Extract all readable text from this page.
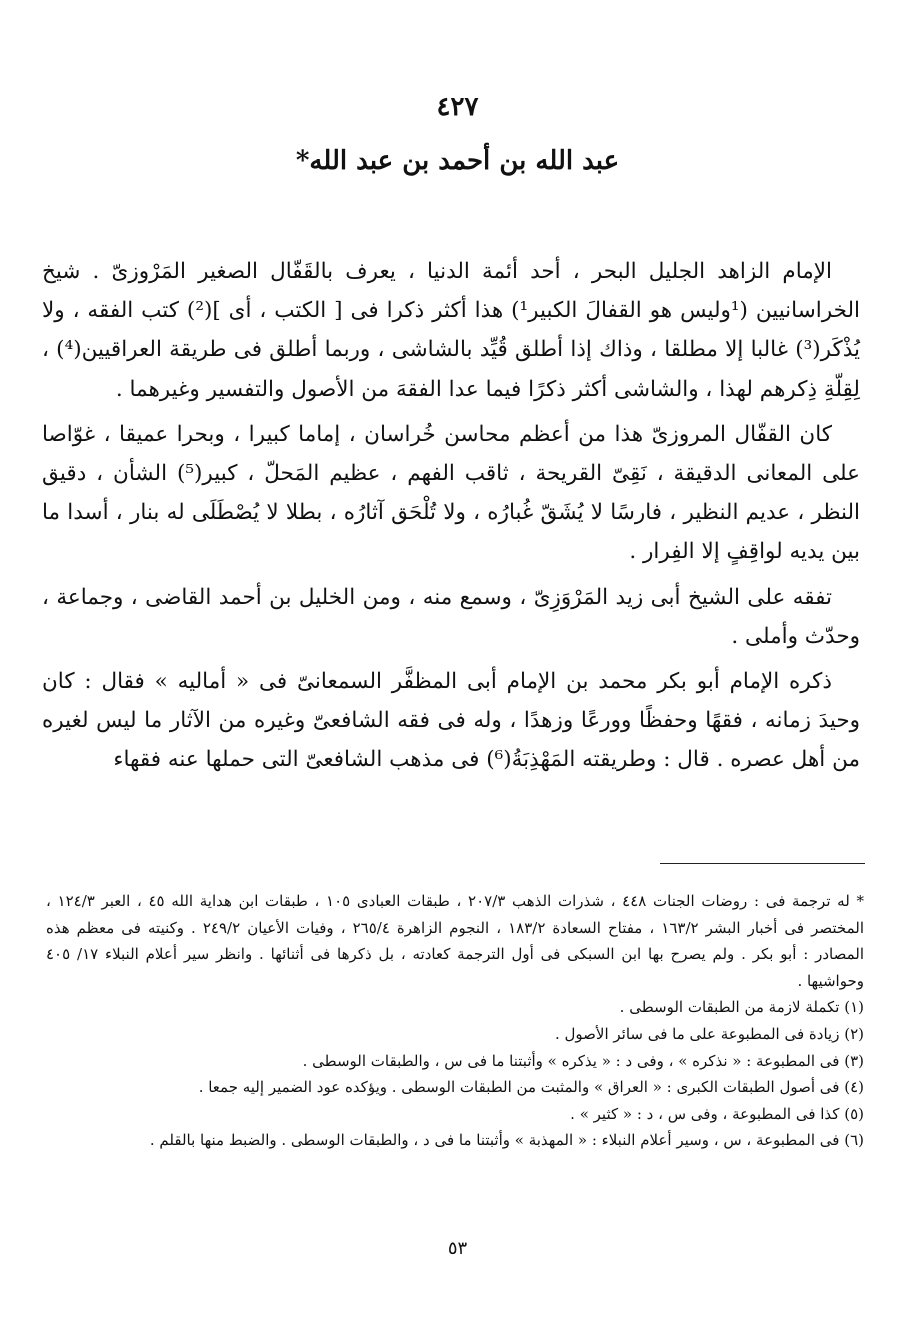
٤٢٧
عبد الله بن أحمد بن عبد الله*

الإمام الزاهد الجليل البحر ، أحد أئمة الدنيا ، يعرف بالقَفّال الصغير المَرْوزىّ . شيخ الخراسانيين (¹وليس هو القفالَ الكبير¹) هذا أكثر ذكرا فى [ الكتب ، أى ](²) كتب الفقه ، ولا يُذْكَر(³) غالبا إلا مطلقا ، وذاك إذا أطلق قُيِّد بالشاشى ، وربما أطلق فى طريقة العراقيين(⁴) ، لِقِلّةِ ذِكرهم لهذا ، والشاشى أكثر ذكرًا فيما عدا الفقهَ من الأصول والتفسير وغيرهما .

كان القفّال المروزىّ هذا من أعظم محاسن خُراسان ، إماما كبيرا ، وبحرا عميقا ، غوّاصا على المعانى الدقيقة ، نَقِىّ القريحة ، ثاقب الفهم ، عظيم المَحلّ ، كبير(⁵) الشأن ، دقيق النظر ، عديم النظير ، فارسًا لا يُشَقّ غُبارُه ، ولا تُلْحَق آثارُه ، بطلا لا يُصْطَلَى له بنار ، أسدا ما بين يديه لواقِفٍ إلا الفِرار .

تفقه على الشيخ أبى زيد المَرْوَزِىّ ، وسمع منه ، ومن الخليل بن أحمد القاضى ، وجماعة ، وحدّث وأملى .

ذكره الإمام أبو بكر محمد بن الإمام أبى المظفَّر السمعانىّ فى « أماليه » فقال : كان وحيدَ زمانه ، فقهًا وحفظًا وورعًا وزهدًا ، وله فى فقه الشافعىّ وغيره من الآثار ما ليس لغيره من أهل عصره . قال : وطريقته المَهْذِبَةُ(⁶) فى مذهب الشافعىّ التى حملها عنه فقهاء

* له ترجمة فى : روضات الجنات ٤٤٨ ، شذرات الذهب ٢٠٧/٣ ، طبقات العبادى ١٠٥ ، طبقات ابن هداية الله ٤٥ ، العبر ١٢٤/٣ ، المختصر فى أخبار البشر ١٦٣/٢ ، مفتاح السعادة ١٨٣/٢ ، النجوم الزاهرة ٢٦٥/٤ ، وفيات الأعيان ٢٤٩/٢ . وكنيته فى معظم هذه المصادر : أبو بكر . ولم يصرح بها ابن السبكى فى أول الترجمة كعادته ، بل ذكرها فى أثنائها . وانظر سير أعلام النبلاء ١٧/ ٤٠٥ وحواشيها .

(١) تكملة لازمة من الطبقات الوسطى .

(٢) زيادة فى المطبوعة على ما فى سائر الأصول .

(٣) فى المطبوعة : « نذكره » ، وفى د : « يذكره » وأثبتنا ما فى س ، والطبقات الوسطى .

(٤) فى أصول الطبقات الكبرى : « العراق » والمثبت من الطبقات الوسطى . ويؤكده عود الضمير إليه جمعا .

(٥) كذا فى المطبوعة ، وفى س ، د : « كثير » .

(٦) فى المطبوعة ، س ، وسير أعلام النبلاء : « المهذبة » وأثبتنا ما فى د ، والطبقات الوسطى . والضبط منها بالقلم .

٥٣
